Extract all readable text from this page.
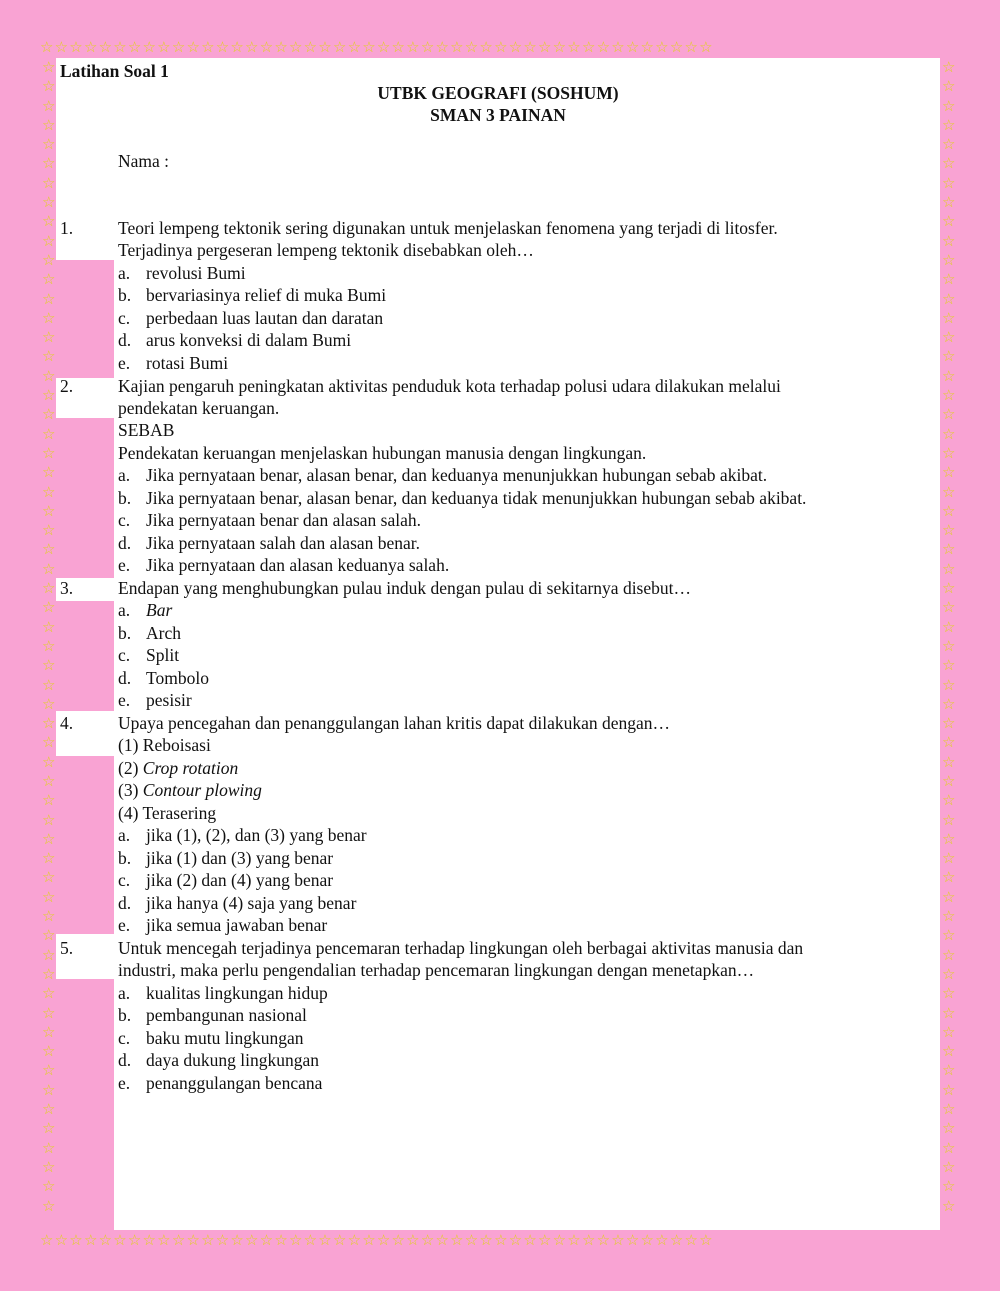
☆☆☆☆☆☆☆☆☆☆☆☆☆☆☆☆☆☆☆☆☆☆☆☆☆☆☆☆☆☆☆☆☆☆☆☆☆☆☆☆☆☆☆☆☆☆
☆☆☆☆☆☆☆☆☆☆☆☆☆☆☆☆☆☆☆☆☆☆☆☆☆☆☆☆☆☆☆☆☆☆☆☆☆☆☆☆☆☆☆☆☆☆
☆☆☆☆☆☆☆☆☆☆☆☆☆☆☆☆☆☆☆☆☆☆☆☆☆☆☆☆☆☆☆☆☆☆☆☆☆☆☆☆☆☆☆☆☆☆☆☆☆☆☆☆☆☆☆☆☆☆☆☆
☆☆☆☆☆☆☆☆☆☆☆☆☆☆☆☆☆☆☆☆☆☆☆☆☆☆☆☆☆☆☆☆☆☆☆☆☆☆☆☆☆☆☆☆☆☆☆☆☆☆☆☆☆☆☆☆☆☆☆☆
Latihan Soal 1
UTBK GEOGRAFI (SOSHUM)
SMAN 3 PAINAN
Nama :
1.	Teori lempeng tektonik sering digunakan untuk menjelaskan fenomena yang terjadi di litosfer.
Terjadinya pergeseran lempeng tektonik disebabkan oleh…
a. revolusi Bumi
b. bervariasinya relief di muka Bumi
c. perbedaan luas lautan dan daratan
d. arus konveksi di dalam Bumi
e. rotasi Bumi
2.	Kajian pengaruh peningkatan aktivitas penduduk kota terhadap polusi udara dilakukan melalui
pendekatan keruangan.
SEBAB
Pendekatan keruangan menjelaskan hubungan manusia dengan lingkungan.
a. Jika pernyataan benar, alasan benar, dan keduanya menunjukkan hubungan sebab akibat.
b. Jika pernyataan benar, alasan benar, dan keduanya tidak menunjukkan hubungan sebab akibat.
c. Jika pernyataan benar dan alasan salah.
d. Jika pernyataan salah dan alasan benar.
e. Jika pernyataan dan alasan keduanya salah.
3.	Endapan yang menghubungkan pulau induk dengan pulau di sekitarnya disebut…
a. Bar
b. Arch
c. Split
d. Tombolo
e. pesisir
4.	Upaya pencegahan dan penanggulangan lahan kritis dapat dilakukan dengan…
(1) Reboisasi
(2) Crop rotation
(3) Contour plowing
(4) Terasering
a. jika (1), (2), dan (3) yang benar
b. jika (1) dan (3) yang benar
c. jika (2) dan (4) yang benar
d. jika hanya (4) saja yang benar
e. jika semua jawaban benar
5.	Untuk mencegah terjadinya pencemaran terhadap lingkungan oleh berbagai aktivitas manusia dan
industri, maka perlu pengendalian terhadap pencemaran lingkungan dengan menetapkan…
a. kualitas lingkungan hidup
b. pembangunan nasional
c. baku mutu lingkungan
d. daya dukung lingkungan
e. penanggulangan bencana
